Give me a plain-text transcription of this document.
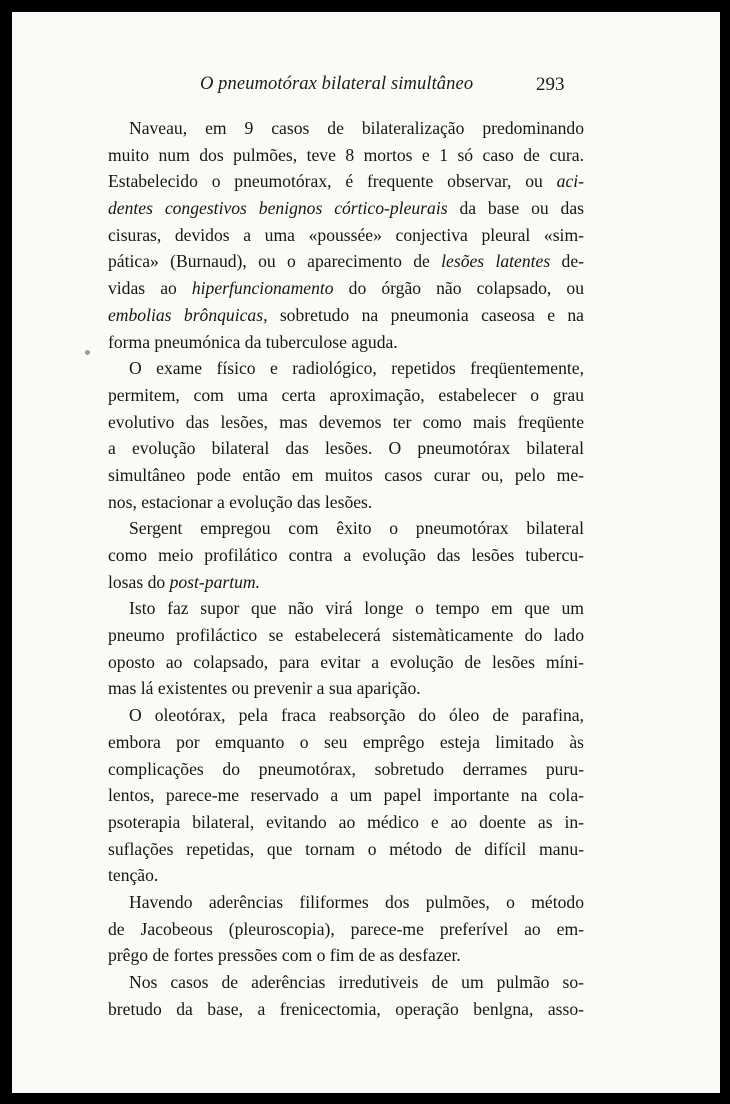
O pneumotórax bilateral simultâneo	293
Naveau, em 9 casos de bilateralização predominando
muito num dos pulmões, teve 8 mortos e 1 só caso de cura.
Estabelecido o pneumotórax, é frequente observar, ou aci-
dentes congestivos benignos córtico-pleurais da base ou das
cisuras, devidos a uma «poussée» conjectiva pleural «sim-
pática» (Burnaud), ou o aparecimento de lesões latentes de-
vidas ao hiperfuncionamento do órgão não colapsado, ou
embolias brônquicas, sobretudo na pneumonia caseosa e na
forma pneumónica da tuberculose aguda.
O exame físico e radiológico, repetidos freqüentemente,
permitem, com uma certa aproximação, estabelecer o grau
evolutivo das lesões, mas devemos ter como mais freqüente
a evolução bilateral das lesões. O pneumotórax bilateral
simultâneo pode então em muitos casos curar ou, pelo me-
nos, estacionar a evolução das lesões.
Sergent empregou com êxito o pneumotórax bilateral
como meio profilático contra a evolução das lesões tubercu-
losas do post-partum.
Isto faz supor que não virá longe o tempo em que um
pneumo profiláctico se estabelecerá sistemàticamente do lado
oposto ao colapsado, para evitar a evolução de lesões míni-
mas lá existentes ou prevenir a sua aparição.
O oleotórax, pela fraca reabsorção do óleo de parafina,
embora por emquanto o seu emprêgo esteja limitado às
complicações do pneumotórax, sobretudo derrames puru-
lentos, parece-me reservado a um papel importante na cola-
psoterapia bilateral, evitando ao médico e ao doente as in-
suflações repetidas, que tornam o método de difícil manu-
tenção.
Havendo aderências filiformes dos pulmões, o método
de Jacobeous (pleuroscopia), parece-me preferível ao em-
prêgo de fortes pressões com o fim de as desfazer.
Nos casos de aderências irredutiveis de um pulmão so-
bretudo da base, a frenicectomia, operação benlgna, asso-
